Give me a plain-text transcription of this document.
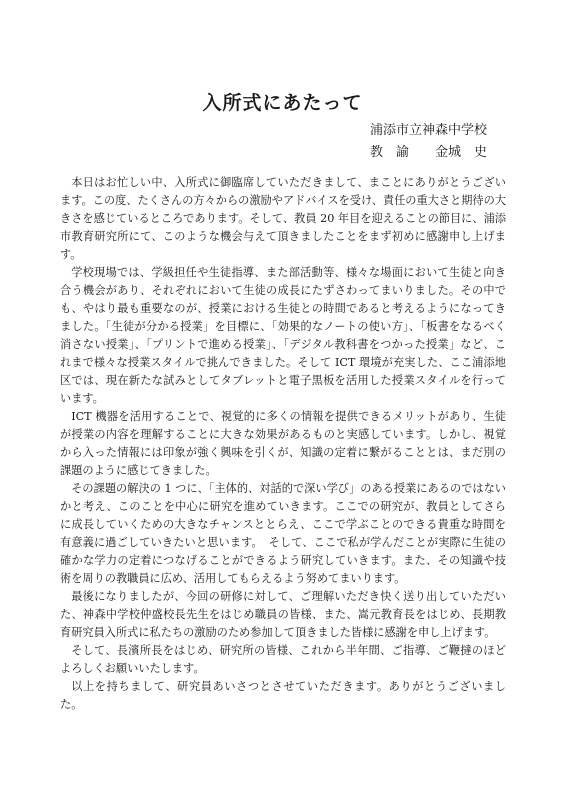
入所式にあたって
浦添市立神森中学校
教　諭　　金城　史

本日はお忙しい中、入所式に御臨席していただきまして、まことにありがとうございます。この度、たくさんの方々からの激励やアドバイスを受け、責任の重大さと期待の大きさを感じているところであります。そして、教員 20 年目を迎えることの節目に、浦添市教育研究所にて、このような機会与えて頂きましたことをまず初めに感謝申し上げます。

学校現場では、学級担任や生徒指導、また部活動等、様々な場面において生徒と向き合う機会があり、それぞれにおいて生徒の成長にたずさわってまいりました。その中でも、やはり最も重要なのが、授業における生徒との時間であると考えるようになってきました。「生徒が分かる授業」を目標に、「効果的なノートの使い方」、「板書をなるべく消さない授業」、「プリントで進める授業」、「デジタル教科書をつかった授業」など、これまで様々な授業スタイルで挑んできました。そして ICT 環境が充実した、ここ浦添地区では、現在新たな試みとしてタブレットと電子黒板を活用した授業スタイルを行っています。

ICT 機器を活用することで、視覚的に多くの情報を提供できるメリットがあり、生徒が授業の内容を理解することに大きな効果があるものと実感しています。しかし、視覚から入った情報には印象が強く興味を引くが、知識の定着に繋がることとは、まだ別の課題のように感じてきました。

その課題の解決の 1 つに、「主体的、対話的で深い学び」のある授業にあるのではないかと考え、このことを中心に研究を進めていきます。ここでの研究が、教員としてさらに成長していくための大きなチャンスととらえ、ここで学ぶことのできる貴重な時間を有意義に過ごしていきたいと思います。　そして、ここで私が学んだことが実際に生徒の確かな学力の定着につなげることができるよう研究していきます。また、その知識や技術を周りの教職員に広め、活用してもらえるよう努めてまいります。

最後になりましたが、今回の研修に対して、ご理解いただき快く送り出していただいた、神森中学校仲盛校長先生をはじめ職員の皆様、また、嵩元教育長をはじめ、長期教育研究員入所式に私たちの激励のため参加して頂きました皆様に感謝を申し上げます。

そして、長濱所長をはじめ、研究所の皆様、これから半年間、ご指導、ご鞭撻のほどよろしくお願いいたします。

以上を持ちまして、研究員あいさつとさせていただきます。ありがとうございました。
